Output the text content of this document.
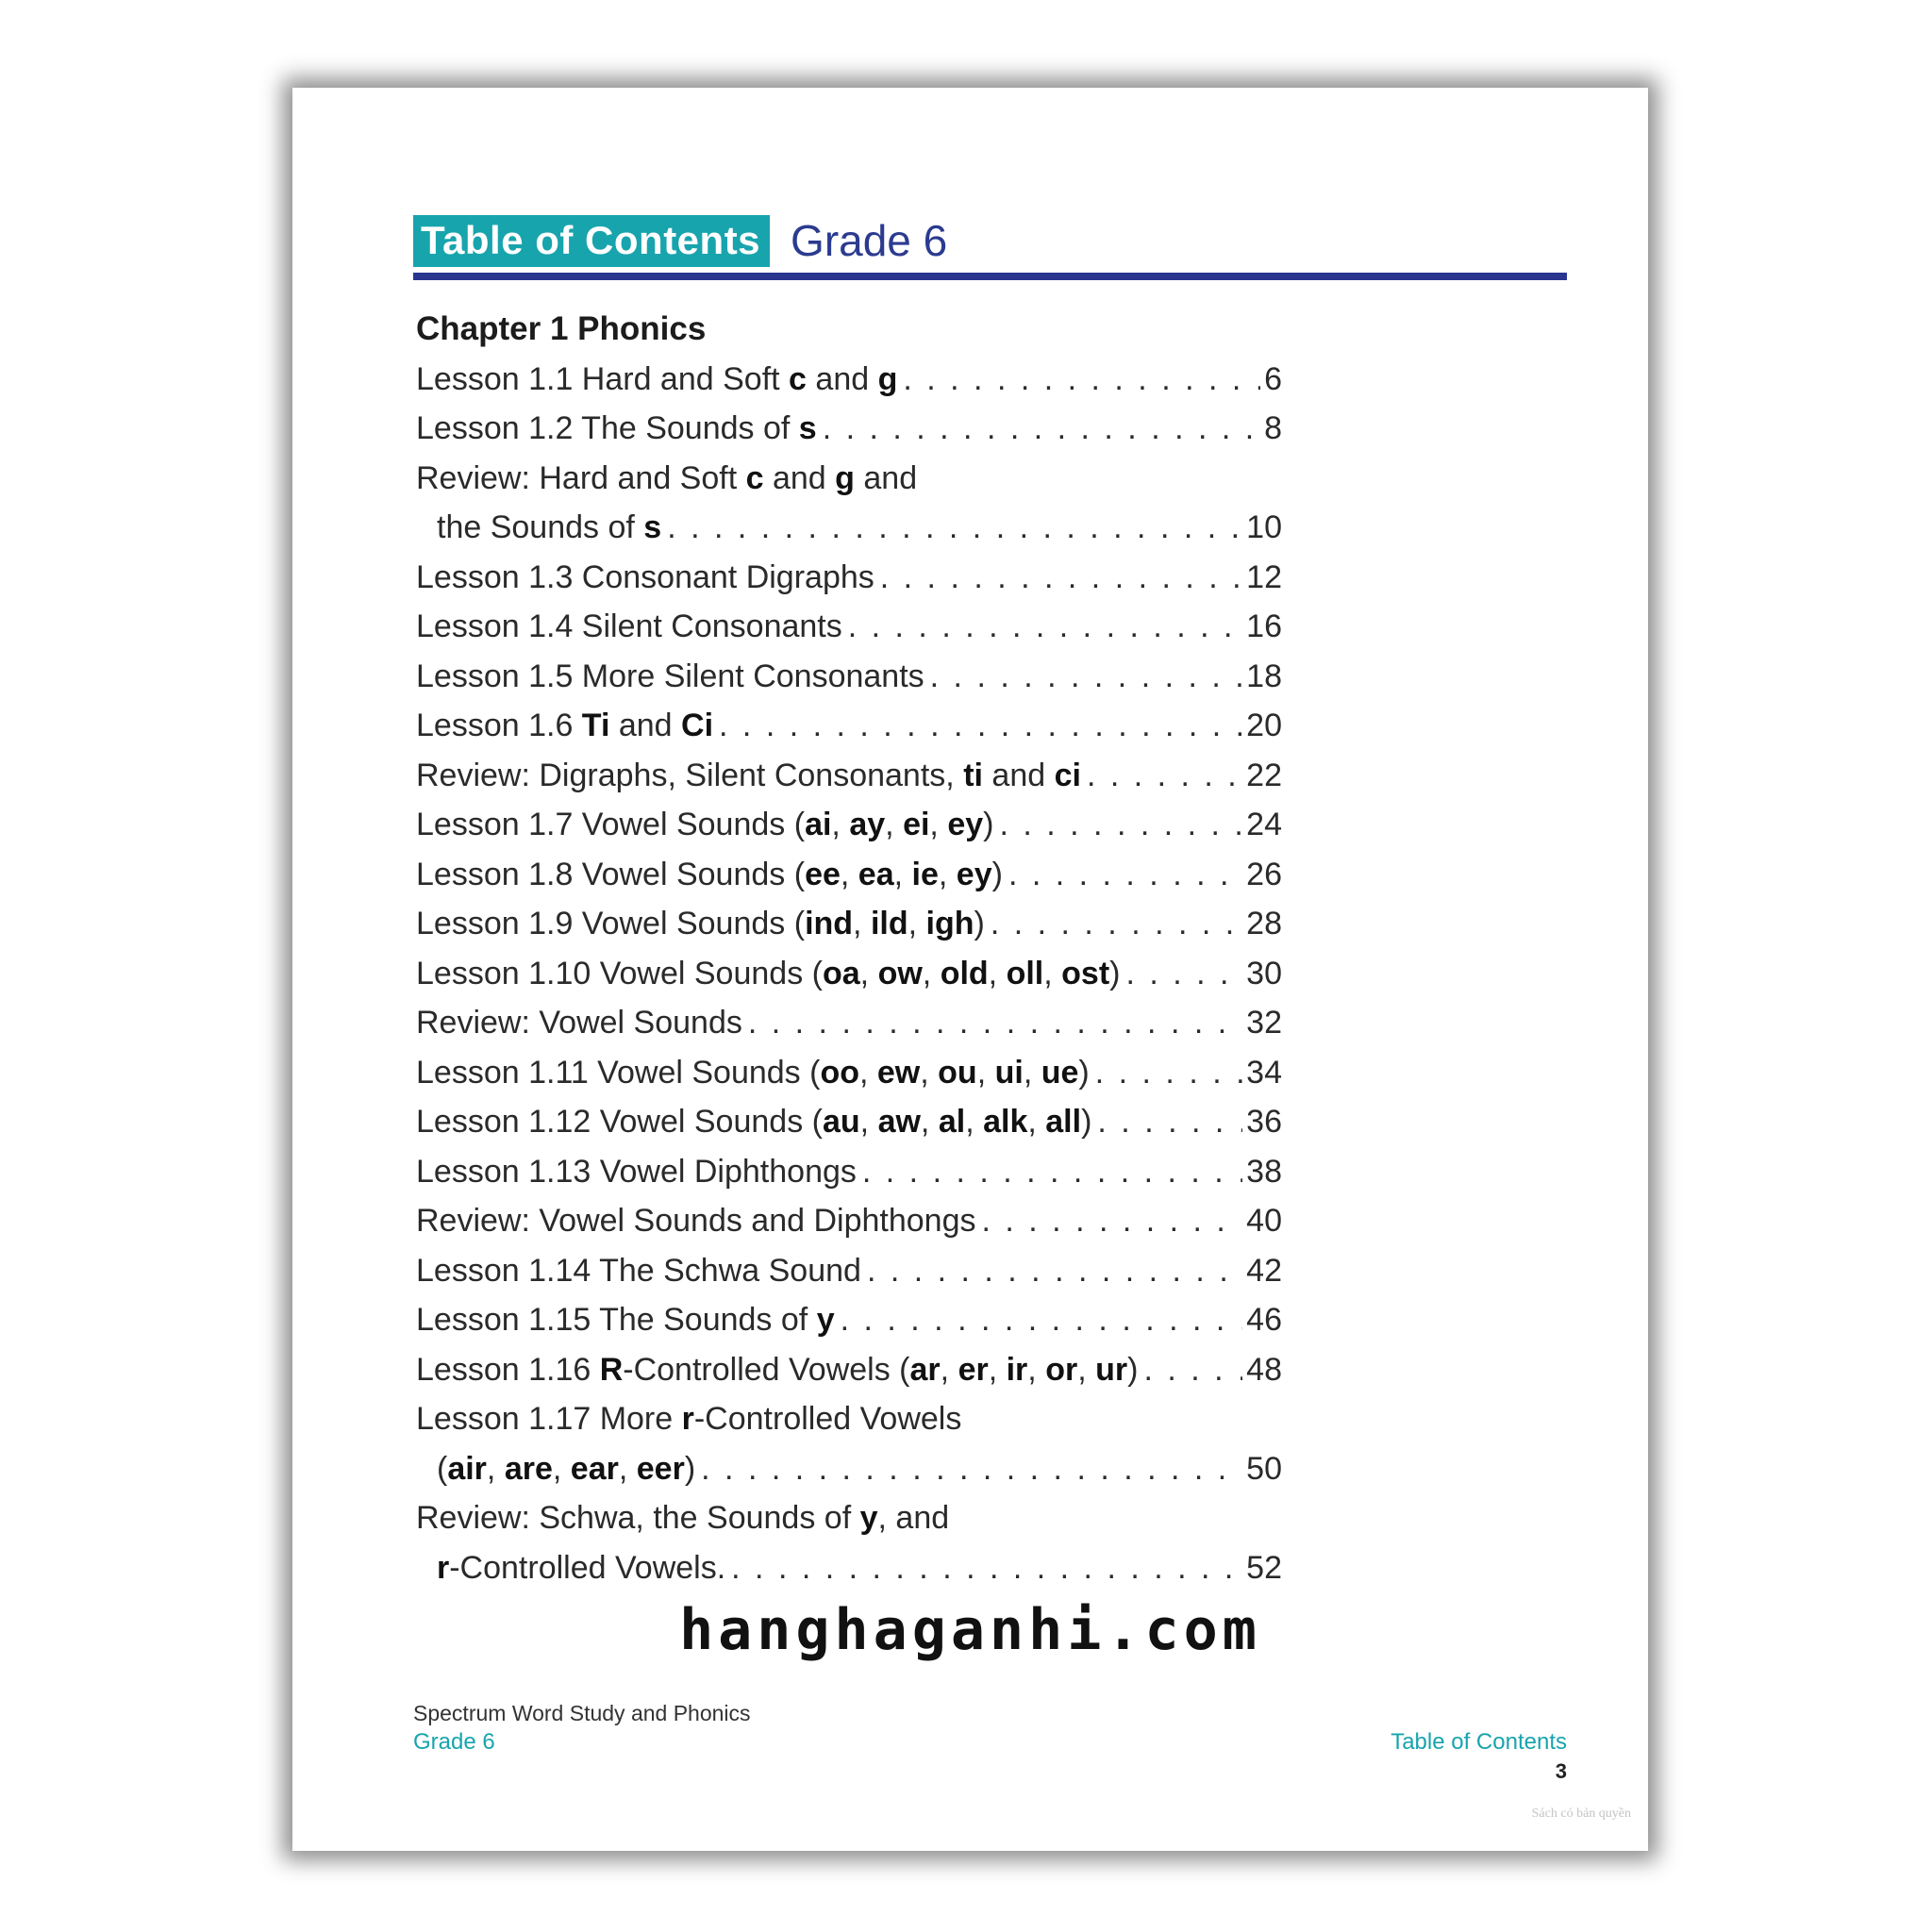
Table of Contents Grade 6
Chapter 1 Phonics
Lesson 1.1 Hard and Soft c and g . . .	6
Lesson 1.2 The Sounds of s . . .	8
Review: Hard and Soft c and g and
the Sounds of s . . .	10
Lesson 1.3 Consonant Digraphs . . .	12
Lesson 1.4 Silent Consonants . . .	16
Lesson 1.5 More Silent Consonants . . .	18
Lesson 1.6 Ti and Ci . . .	20
Review: Digraphs, Silent Consonants, ti and ci . . .	22
Lesson 1.7 Vowel Sounds (ai, ay, ei, ey) . . .	24
Lesson 1.8 Vowel Sounds (ee, ea, ie, ey) . . .	26
Lesson 1.9 Vowel Sounds (ind, ild, igh) . . .	28
Lesson 1.10 Vowel Sounds (oa, ow, old, oll, ost) . . .	30
Review: Vowel Sounds . . .	32
Lesson 1.11 Vowel Sounds (oo, ew, ou, ui, ue) . . .	34
Lesson 1.12 Vowel Sounds (au, aw, al, alk, all) . . .	36
Lesson 1.13 Vowel Diphthongs . . .	38
Review: Vowel Sounds and Diphthongs . . .	40
Lesson 1.14 The Schwa Sound . . .	42
Lesson 1.15 The Sounds of y . . .	46
Lesson 1.16 R-Controlled Vowels (ar, er, ir, or, ur) . . .	48
Lesson 1.17 More r-Controlled Vowels
(air, are, ear, eer) . . .	50
Review: Schwa, the Sounds of y, and
r-Controlled Vowels. . . .	52
hanghaganhi.com
Spectrum Word Study and Phonics
Grade 6	Table of Contents
3
Sách có bản quyền
